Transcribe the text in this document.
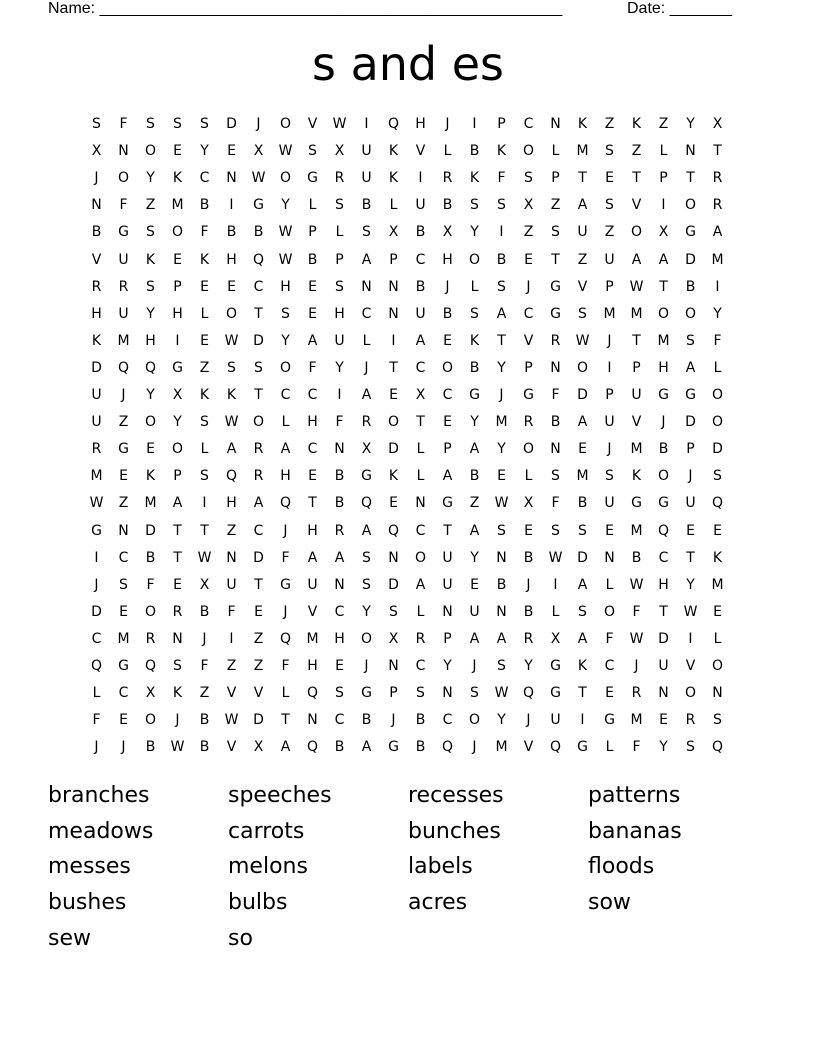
Name: ____________________________________________________	Date: _______
s and es
S	F	S	S	S	D	J	O	V	W	I	Q	H	J	I	P	C	N	K	Z	K	Z	Y	X
X	N	O	E	Y	E	X	W	S	X	U	K	V	L	B	K	O	L	M	S	Z	L	N	T
J	O	Y	K	C	N	W	O	G	R	U	K	I	R	K	F	S	P	T	E	T	P	T	R
N	F	Z	M	B	I	G	Y	L	S	B	L	U	B	S	S	X	Z	A	S	V	I	O	R
B	G	S	O	F	B	B	W	P	L	S	X	B	X	Y	I	Z	S	U	Z	O	X	G	A
V	U	K	E	K	H	Q	W	B	P	A	P	C	H	O	B	E	T	Z	U	A	A	D	M
R	R	S	P	E	E	C	H	E	S	N	N	B	J	L	S	J	G	V	P	W	T	B	I
H	U	Y	H	L	O	T	S	E	H	C	N	U	B	S	A	C	G	S	M	M	O	O	Y
K	M	H	I	E	W	D	Y	A	U	L	I	A	E	K	T	V	R	W	J	T	M	S	F
D	Q	Q	G	Z	S	S	O	F	Y	J	T	C	O	B	Y	P	N	O	I	P	H	A	L
U	J	Y	X	K	K	T	C	C	I	A	E	X	C	G	J	G	F	D	P	U	G	G	O
U	Z	O	Y	S	W	O	L	H	F	R	O	T	E	Y	M	R	B	A	U	V	J	D	O
R	G	E	O	L	A	R	A	C	N	X	D	L	P	A	Y	O	N	E	J	M	B	P	D
M	E	K	P	S	Q	R	H	E	B	G	K	L	A	B	E	L	S	M	S	K	O	J	S
W	Z	M	A	I	H	A	Q	T	B	Q	E	N	G	Z	W	X	F	B	U	G	G	U	Q
G	N	D	T	T	Z	C	J	H	R	A	Q	C	T	A	S	E	S	S	E	M	Q	E	E
I	C	B	T	W	N	D	F	A	A	S	N	O	U	Y	N	B	W	D	N	B	C	T	K
J	S	F	E	X	U	T	G	U	N	S	D	A	U	E	B	J	I	A	L	W	H	Y	M
D	E	O	R	B	F	E	J	V	C	Y	S	L	N	U	N	B	L	S	O	F	T	W	E
C	M	R	N	J	I	Z	Q	M	H	O	X	R	P	A	A	R	X	A	F	W	D	I	L
Q	G	Q	S	F	Z	Z	F	H	E	J	N	C	Y	J	S	Y	G	K	C	J	U	V	O
L	C	X	K	Z	V	V	L	Q	S	G	P	S	N	S	W	Q	G	T	E	R	N	O	N
F	E	O	J	B	W	D	T	N	C	B	J	B	C	O	Y	J	U	I	G	M	E	R	S
J	J	B	W	B	V	X	A	Q	B	A	G	B	Q	J	M	V	Q	G	L	F	Y	S	Q
branches	speeches	recesses	patterns
meadows	carrots	bunches	bananas
messes	melons	labels	floods
bushes	bulbs	acres	sow
sew	so
